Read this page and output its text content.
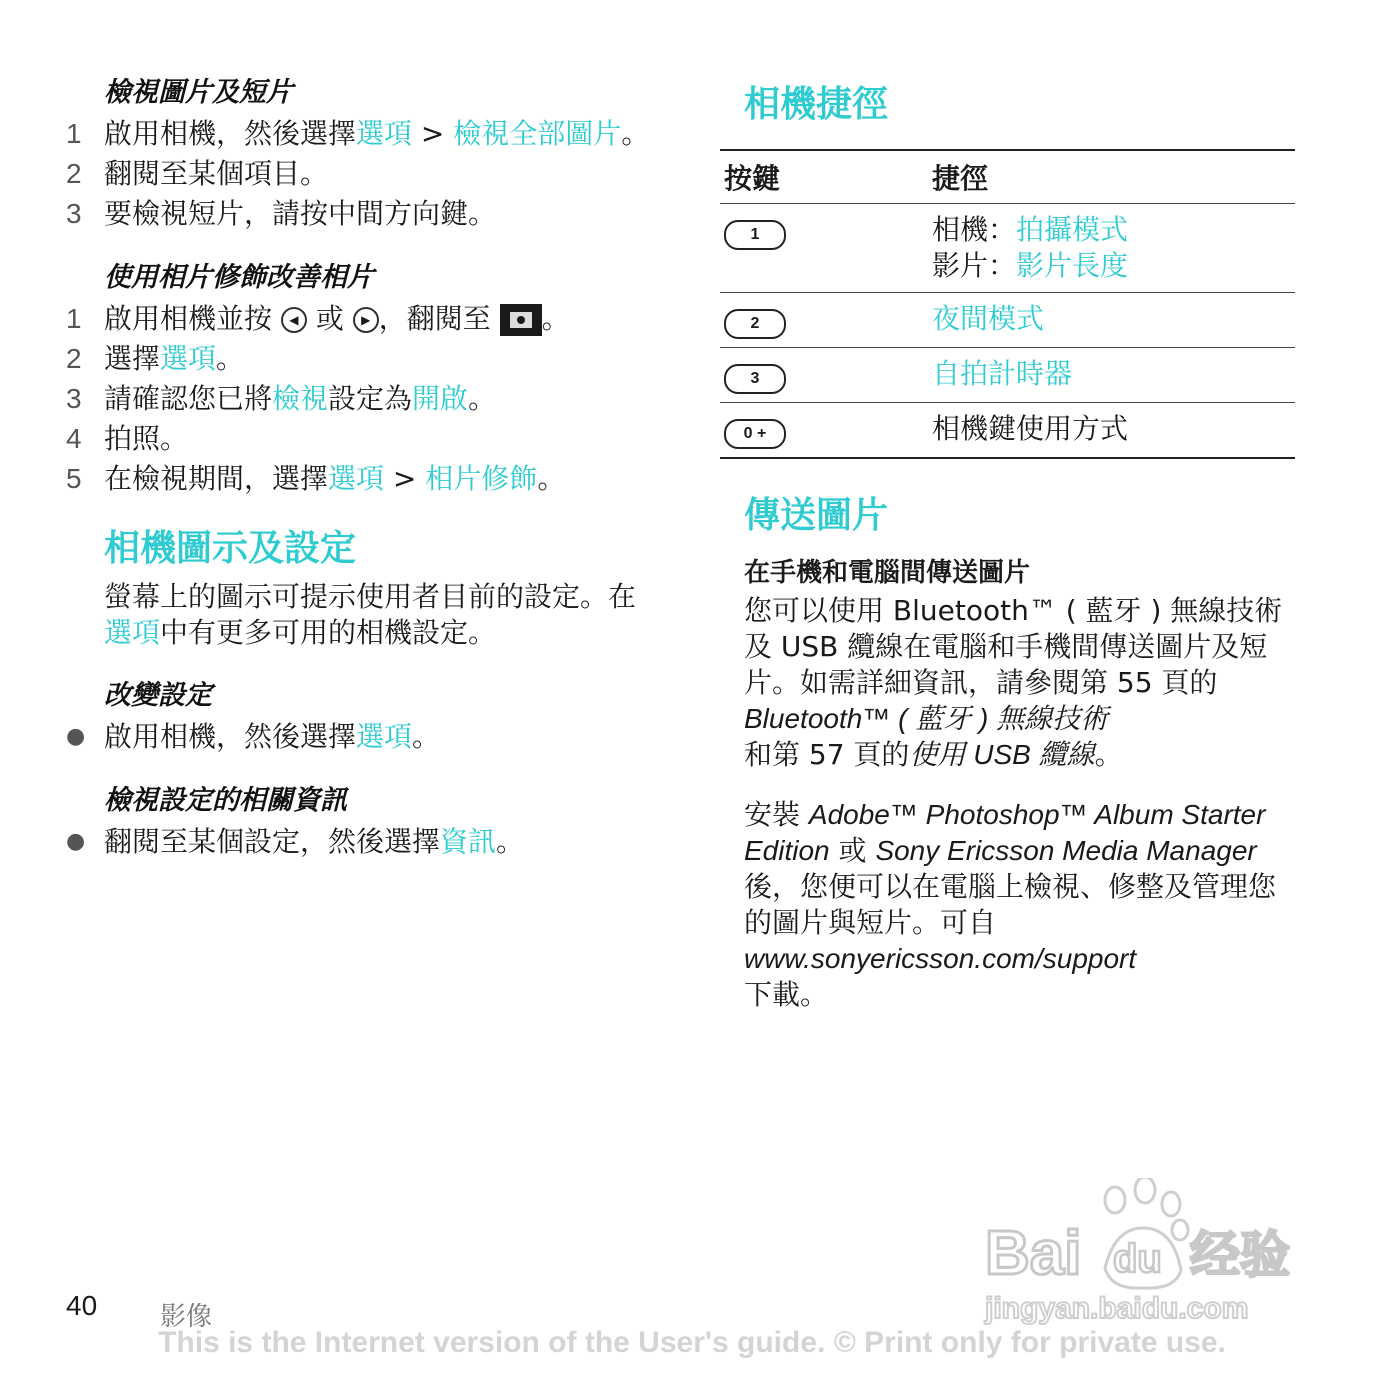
檢視圖片及短片
1 啟用相機，然後選擇選項 > 檢視全部圖片。
2 翻閱至某個項目。
3 要檢視短片，請按中間方向鍵。
使用相片修飾改善相片
1 啟用相機並按 ◀ 或 ▶ ，翻閱至 。
2 選擇選項。
3 請確認您已將檢視設定為開啟。
4 拍照。
5 在檢視期間，選擇選項 > 相片修飾。
相機圖示及設定
螢幕上的圖示可提示使用者目前的設定。在選項中有更多可用的相機設定。
改變設定
● 啟用相機，然後選擇選項。
檢視設定的相關資訊
● 翻閱至某個設定，然後選擇資訊。
相機捷徑
按鍵	捷徑
1	相機：拍攝模式
影片：影片長度

2	夜間模式
3	自拍計時器
0 +	相機鍵使用方式
傳送圖片
在手機和電腦間傳送圖片
您可以使用 Bluetooth™ ( 藍牙 ) 無線技術及 USB 纜線在電腦和手機間傳送圖片及短片。如需詳細資訊，請參閱第 55 頁的 Bluetooth™ ( 藍牙 ) 無線技術
和第 57 頁的使用 USB 纜線。
安裝 Adobe™ Photoshop™ Album Starter Edition 或 Sony Ericsson Media Manager 後，您便可以在電腦上檢視、修整及管理您的圖片與短片。可自
www.sonyericsson.com/support
下載。
Bai du 经验
jingyan.baidu.com
40 影像
This is the Internet version of the User's guide. © Print only for private use.
